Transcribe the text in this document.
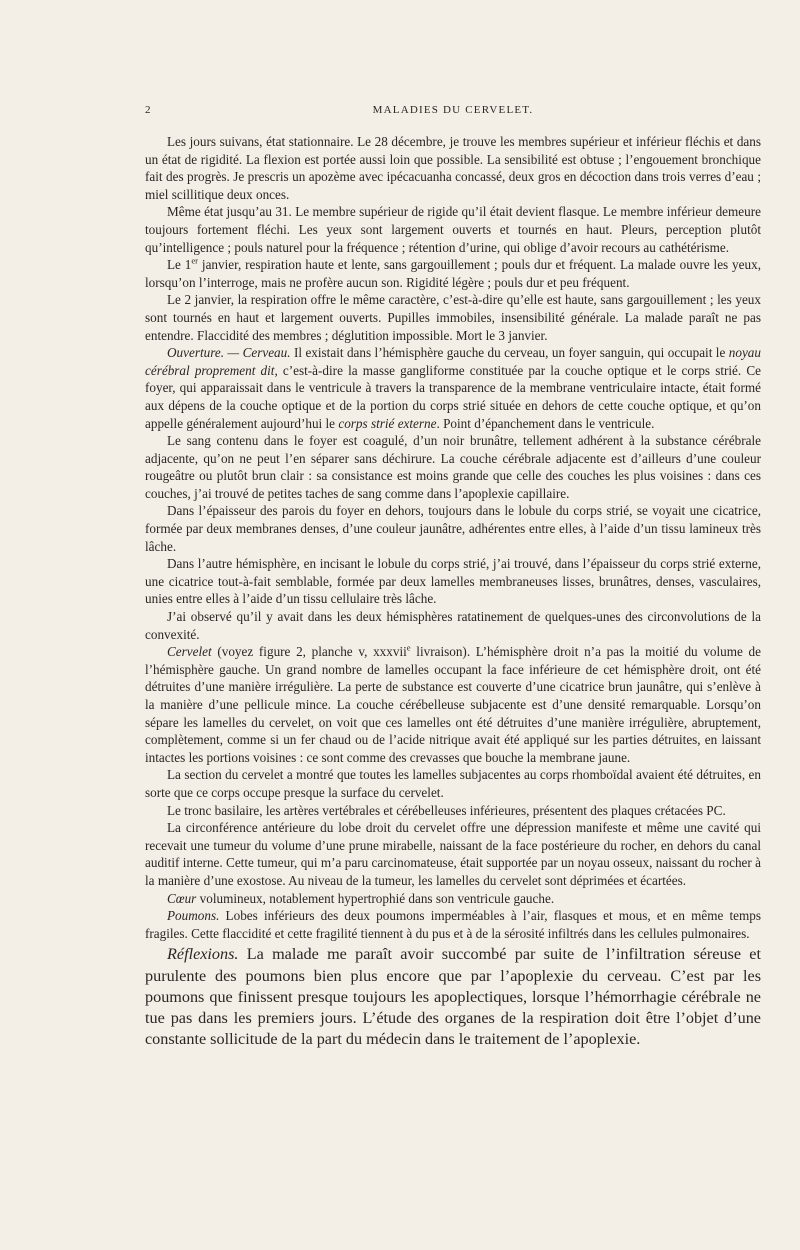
2	MALADIES DU CERVELET.

Les jours suivans, état stationnaire. Le 28 décembre, je trouve les membres supérieur et inférieur fléchis et dans un état de rigidité. La flexion est portée aussi loin que possible. La sensibilité est obtuse ; l’engouement bronchique fait des progrès. Je prescris un apozème avec ipécacuanha concassé, deux gros en décoction dans trois verres d’eau ; miel scillitique deux onces.

Même état jusqu’au 31. Le membre supérieur de rigide qu’il était devient flasque. Le membre inférieur demeure toujours fortement fléchi. Les yeux sont largement ouverts et tournés en haut. Pleurs, perception plutôt qu’intelligence ; pouls naturel pour la fréquence ; rétention d’urine, qui oblige d’avoir recours au cathétérisme.

Le 1er janvier, respiration haute et lente, sans gargouillement ; pouls dur et fréquent. La malade ouvre les yeux, lorsqu’on l’interroge, mais ne profère aucun son. Rigidité légère ; pouls dur et peu fréquent.

Le 2 janvier, la respiration offre le même caractère, c’est-à-dire qu’elle est haute, sans gargouillement ; les yeux sont tournés en haut et largement ouverts. Pupilles immobiles, insensibilité générale. La malade paraît ne pas entendre. Flaccidité des membres ; déglutition impossible. Mort le 3 janvier.

Ouverture. — Cerveau. Il existait dans l’hémisphère gauche du cerveau, un foyer sanguin, qui occupait le noyau cérébral proprement dit, c’est-à-dire la masse gangliforme constituée par la couche optique et le corps strié. Ce foyer, qui apparaissait dans le ventricule à travers la transparence de la membrane ventriculaire intacte, était formé aux dépens de la couche optique et de la portion du corps strié située en dehors de cette couche optique, et qu’on appelle généralement aujourd’hui le corps strié externe. Point d’épanchement dans le ventricule.

Le sang contenu dans le foyer est coagulé, d’un noir brunâtre, tellement adhérent à la substance cérébrale adjacente, qu’on ne peut l’en séparer sans déchirure. La couche cérébrale adjacente est d’ailleurs d’une couleur rougeâtre ou plutôt brun clair : sa consistance est moins grande que celle des couches les plus voisines : dans ces couches, j’ai trouvé de petites taches de sang comme dans l’apoplexie capillaire.

Dans l’épaisseur des parois du foyer en dehors, toujours dans le lobule du corps strié, se voyait une cicatrice, formée par deux membranes denses, d’une couleur jaunâtre, adhérentes entre elles, à l’aide d’un tissu lamineux très lâche.

Dans l’autre hémisphère, en incisant le lobule du corps strié, j’ai trouvé, dans l’épaisseur du corps strié externe, une cicatrice tout-à-fait semblable, formée par deux lamelles membraneuses lisses, brunâtres, denses, vasculaires, unies entre elles à l’aide d’un tissu cellulaire très lâche.

J’ai observé qu’il y avait dans les deux hémisphères ratatinement de quelques-unes des circonvolutions de la convexité.

Cervelet (voyez figure 2, planche v, xxxvii$^e$ livraison). L’hémisphère droit n’a pas la moitié du volume de l’hémisphère gauche. Un grand nombre de lamelles occupant la face inférieure de cet hémisphère droit, ont été détruites d’une manière irrégulière. La perte de substance est couverte d’une cicatrice brun jaunâtre, qui s’enlève à la manière d’une pellicule mince. La couche cérébelleuse subjacente est d’une densité remarquable. Lorsqu’on sépare les lamelles du cervelet, on voit que ces lamelles ont été détruites d’une manière irrégulière, abruptement, complètement, comme si un fer chaud ou de l’acide nitrique avait été appliqué sur les parties détruites, en laissant intactes les portions voisines : ce sont comme des crevasses que bouche la membrane jaune.

La section du cervelet a montré que toutes les lamelles subjacentes au corps rhomboïdal avaient été détruites, en sorte que ce corps occupe presque la surface du cervelet.

Le tronc basilaire, les artères vertébrales et cérébelleuses inférieures, présentent des plaques crétacées PC.

La circonférence antérieure du lobe droit du cervelet offre une dépression manifeste et même une cavité qui recevait une tumeur du volume d’une prune mirabelle, naissant de la face postérieure du rocher, en dehors du canal auditif interne. Cette tumeur, qui m’a paru carcinomateuse, était supportée par un noyau osseux, naissant du rocher à la manière d’une exostose. Au niveau de la tumeur, les lamelles du cervelet sont déprimées et écartées.

Cœur volumineux, notablement hypertrophié dans son ventricule gauche.

Poumons. Lobes inférieurs des deux poumons imperméables à l’air, flasques et mous, et en même temps fragiles. Cette flaccidité et cette fragilité tiennent à du pus et à de la sérosité infiltrés dans les cellules pulmonaires.

Réflexions. La malade me paraît avoir succombé par suite de l’infiltration séreuse et purulente des poumons bien plus encore que par l’apoplexie du cerveau. C’est par les poumons que finissent presque toujours les apoplectiques, lorsque l’hémorrhagie cérébrale ne tue pas dans les premiers jours. L’étude des organes de la respiration doit être l’objet d’une constante sollicitude de la part du médecin dans le traitement de l’apoplexie.
